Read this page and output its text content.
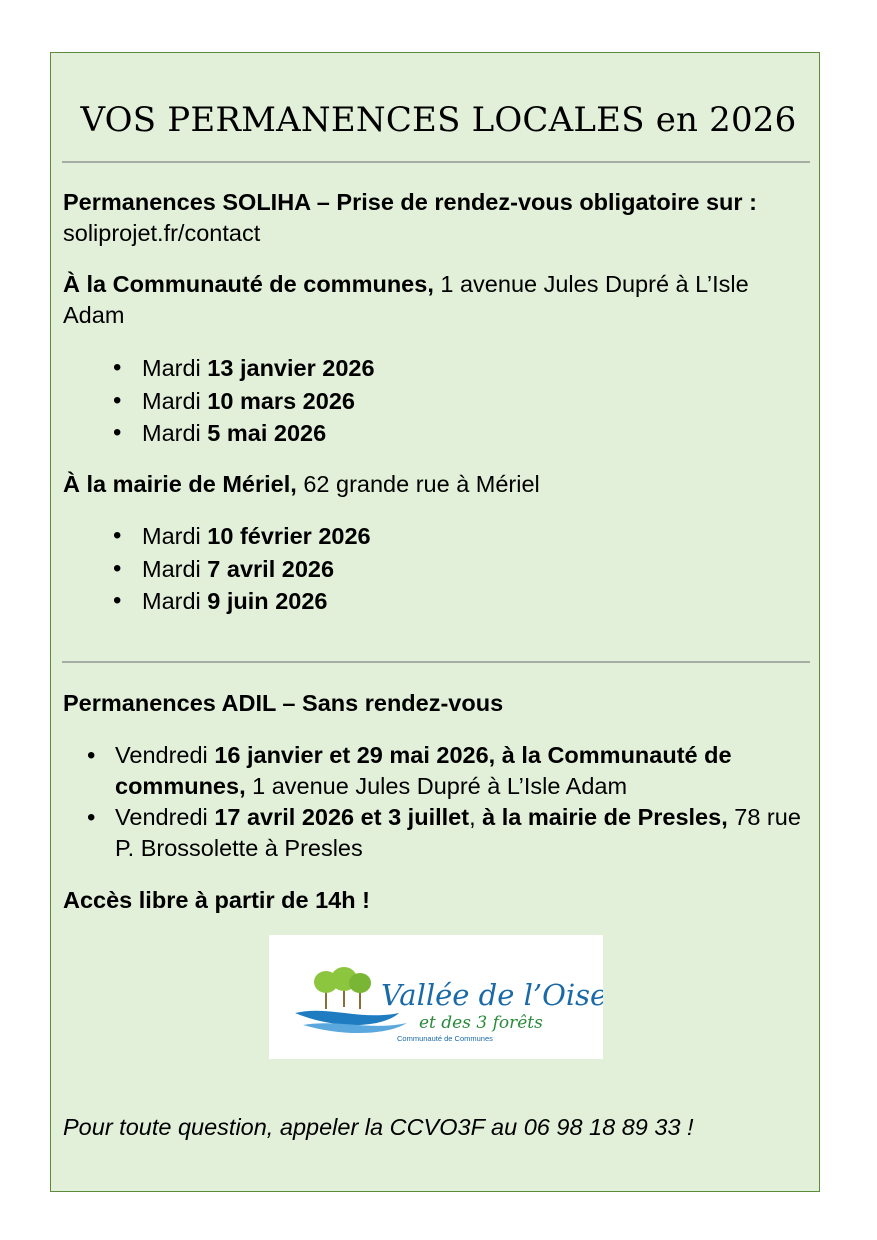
VOS PERMANENCES LOCALES en 2026
Permanences SOLIHA – Prise de rendez-vous obligatoire sur : soliprojet.fr/contact
À la Communauté de communes, 1 avenue Jules Dupré à L’Isle Adam
• Mardi 13 janvier 2026
• Mardi 10 mars 2026
• Mardi 5 mai 2026
À la mairie de Mériel, 62 grande rue à Mériel
• Mardi 10 février 2026
• Mardi 7 avril 2026
• Mardi 9 juin 2026
Permanences ADIL – Sans rendez-vous
• Vendredi 16 janvier et 29 mai 2026, à la Communauté de communes, 1 avenue Jules Dupré à L’Isle Adam
• Vendredi 17 avril 2026 et 3 juillet, à la mairie de Presles, 78 rue P. Brossolette à Presles
Accès libre à partir de 14h !
Vallée de l’Oise
et des 3 forêts
Communauté de Communes
Pour toute question, appeler la CCVO3F au 06 98 18 89 33 !
